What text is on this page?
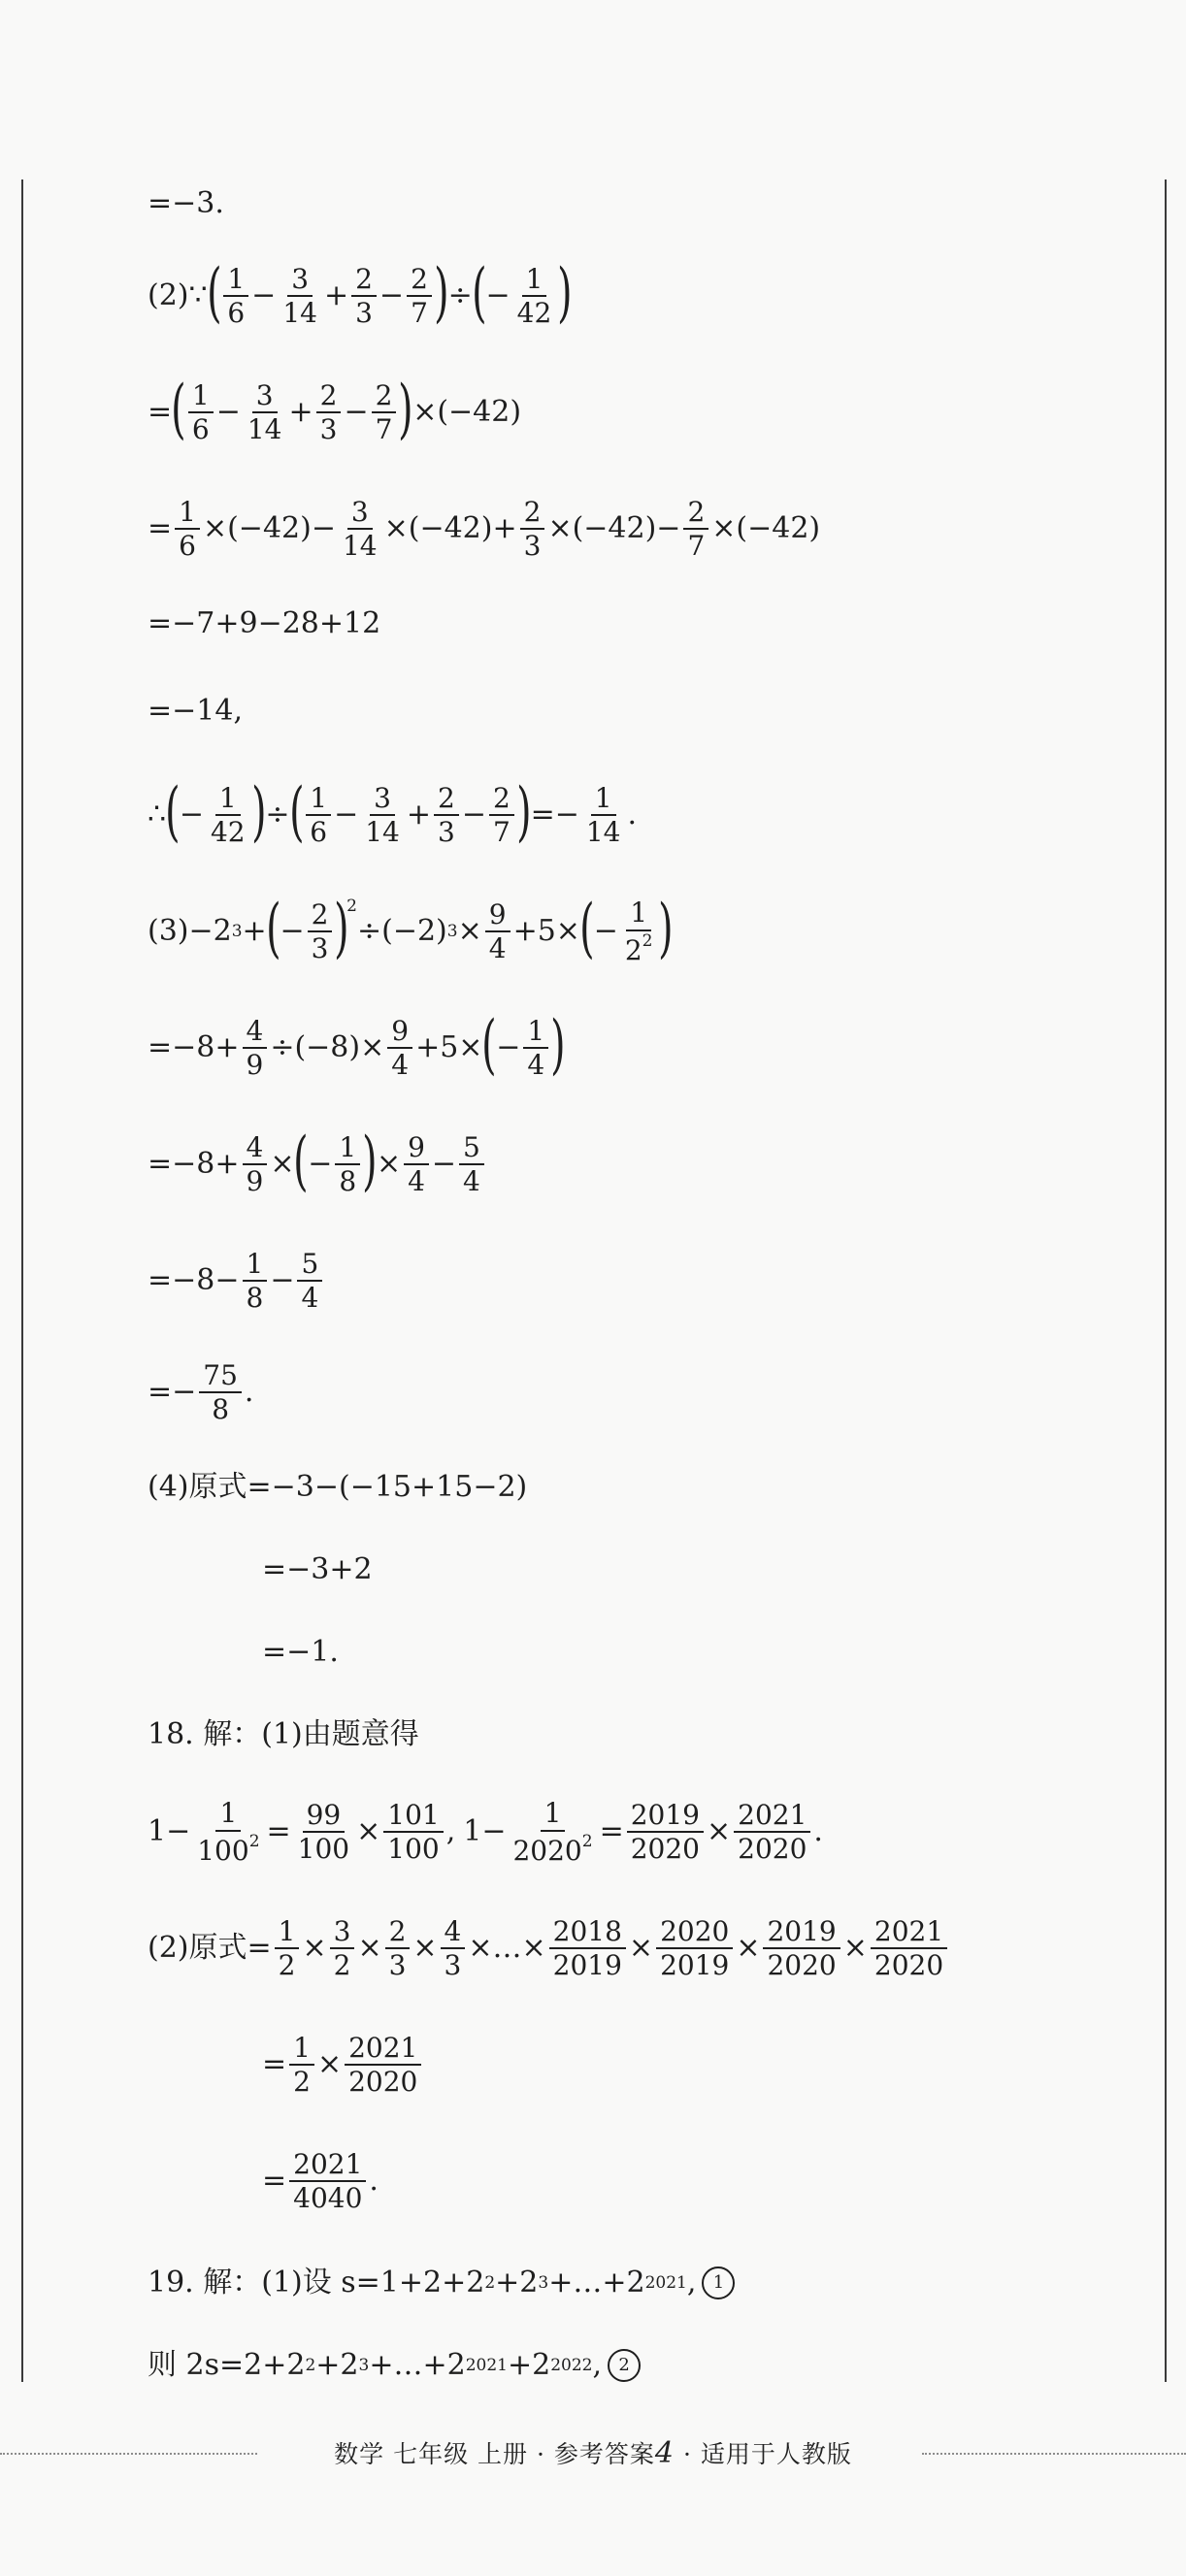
=−3.
(2)∵ ( $\frac{1}{6} - \frac{3}{14} + \frac{2}{3} - \frac{2}{7}$ ) ÷ ( − $\frac{1}{42}$ )
= ( $\frac{1}{6} - \frac{3}{14} + \frac{2}{3} - \frac{2}{7}$ ) ×(−42)
= $\frac{1}{6} \times(-42)- \frac{3}{14} \times(-42)+ \frac{2}{3} \times(-42)- \frac{2}{7} \times(-42)$
=−7+9−28+12
=−14,
∴ ( − $\frac{1}{42}$ ) ÷ ( $\frac{1}{6} - \frac{3}{14} + \frac{2}{3} - \frac{2}{7}$ ) =− $\frac{1}{14}$ .
(3)−2 3 + ( − $\frac{2}{3}$ )
2
÷(−2) $3 \times \frac{9}{4} +5\times$ ( − $\frac{1}{2^2}$ )
$=-8+ \frac{4}{9} \div(-8)\times \frac{9}{4} +5\times$ ( − $\frac{1}{4}$ )
$=-8+ \frac{4}{9}$ × ( − $\frac{1}{8}$ ) × $\frac{9}{4} - \frac{5}{4}$
$=-8- \frac{1}{8} - \frac{5}{4}$
=− $\frac{75}{8}$ .
(4)原式=−3−(−15+15−2)
=−3+2
=−1.
18. 解：(1)由题意得
$1- \frac{1}{100^2} = \frac{99}{100} \times \frac{101}{100}$ , $1- \frac{1}{2020^2} = \frac{2019}{2020} \times \frac{2021}{2020}$ .
(2)原式= $\frac{1}{2} \times \frac{3}{2} \times \frac{2}{3} \times \frac{4}{3}$ ×…× $\frac{2018}{2019} \times \frac{2020}{2019} \times \frac{2019}{2020} \times \frac{2021}{2020}$
= $\frac{1}{2} \times \frac{2021}{2020}$
= $\frac{2021}{4040}$ .
19. 解：(1)设 s=1+2+2 2 +2 3 +…+2 2021 , 1
则 2s=2+2 2 +2 3 +…+2 2021 +2 2022 , 2
数学 七年级 上册 · 参考答案4 · 适用于人教版
